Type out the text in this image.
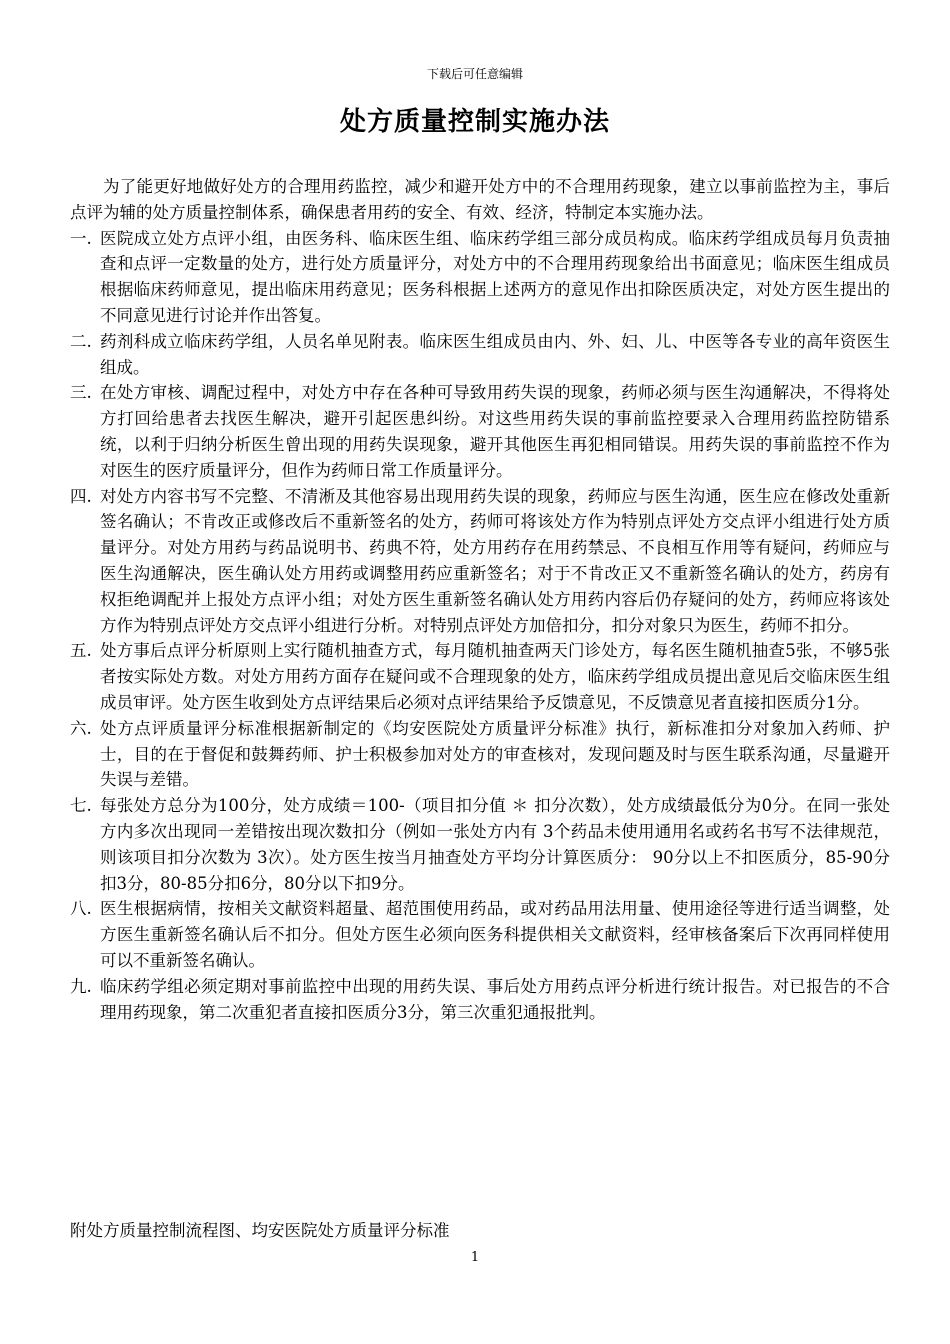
下载后可任意编辑
处方质量控制实施办法

为了能更好地做好处方的合理用药监控，减少和避开处方中的不合理用药现象，建立以事前监控为主，事后点评为辅的处方质量控制体系，确保患者用药的安全、有效、经济，特制定本实施办法。

一. 医院成立处方点评小组，由医务科、临床医生组、临床药学组三部分成员构成。临床药学组成员每月负责抽查和点评一定数量的处方，进行处方质量评分，对处方中的不合理用药现象给出书面意见；临床医生组成员根据临床药师意见，提出临床用药意见；医务科根据上述两方的意见作出扣除医质决定，对处方医生提出的不同意见进行讨论并作出答复。
二. 药剂科成立临床药学组，人员名单见附表。临床医生组成员由内、外、妇、儿、中医等各专业的高年资医生组成。
三. 在处方审核、调配过程中，对处方中存在各种可导致用药失误的现象，药师必须与医生沟通解决，不得将处方打回给患者去找医生解决，避开引起医患纠纷。对这些用药失误的事前监控要录入合理用药监控防错系统，以利于归纳分析医生曾出现的用药失误现象，避开其他医生再犯相同错误。用药失误的事前监控不作为对医生的医疗质量评分，但作为药师日常工作质量评分。
四. 对处方内容书写不完整、不清淅及其他容易出现用药失误的现象，药师应与医生沟通，医生应在修改处重新签名确认；不肯改正或修改后不重新签名的处方，药师可将该处方作为特别点评处方交点评小组进行处方质量评分。对处方用药与药品说明书、药典不符，处方用药存在用药禁忌、不良相互作用等有疑问，药师应与医生沟通解决，医生确认处方用药或调整用药应重新签名；对于不肯改正又不重新签名确认的处方，药房有权拒绝调配并上报处方点评小组；对处方医生重新签名确认处方用药内容后仍存疑问的处方，药师应将该处方作为特别点评处方交点评小组进行分析。对特别点评处方加倍扣分，扣分对象只为医生，药师不扣分。
五. 处方事后点评分析原则上实行随机抽查方式，每月随机抽查两天门诊处方，每名医生随机抽查5张，不够5张者按实际处方数。对处方用药方面存在疑问或不合理现象的处方，临床药学组成员提出意见后交临床医生组成员审评。处方医生收到处方点评结果后必须对点评结果给予反馈意见，不反馈意见者直接扣医质分1分。
六. 处方点评质量评分标准根据新制定的《均安医院处方质量评分标准》执行，新标准扣分对象加入药师、护士，目的在于督促和鼓舞药师、护士积极参加对处方的审查核对，发现问题及时与医生联系沟通，尽量避开失误与差错。
七. 每张处方总分为100分，处方成绩＝100-（项目扣分值 ＊ 扣分次数），处方成绩最低分为0分。在同一张处方内多次出现同一差错按出现次数扣分（例如一张处方内有 3个药品未使用通用名或药名书写不法律规范，则该项目扣分次数为 3次）。处方医生按当月抽查处方平均分计算医质分： 90分以上不扣医质分，85-90分扣3分，80-85分扣6分，80分以下扣9分。
八. 医生根据病情，按相关文献资料超量、超范围使用药品，或对药品用法用量、使用途径等进行适当调整，处方医生重新签名确认后不扣分。但处方医生必须向医务科提供相关文献资料，经审核备案后下次再同样使用可以不重新签名确认。
九. 临床药学组必须定期对事前监控中出现的用药失误、事后处方用药点评分析进行统计报告。对已报告的不合理用药现象，第二次重犯者直接扣医质分3分，第三次重犯通报批判。
附处方质量控制流程图、均安医院处方质量评分标准
1
